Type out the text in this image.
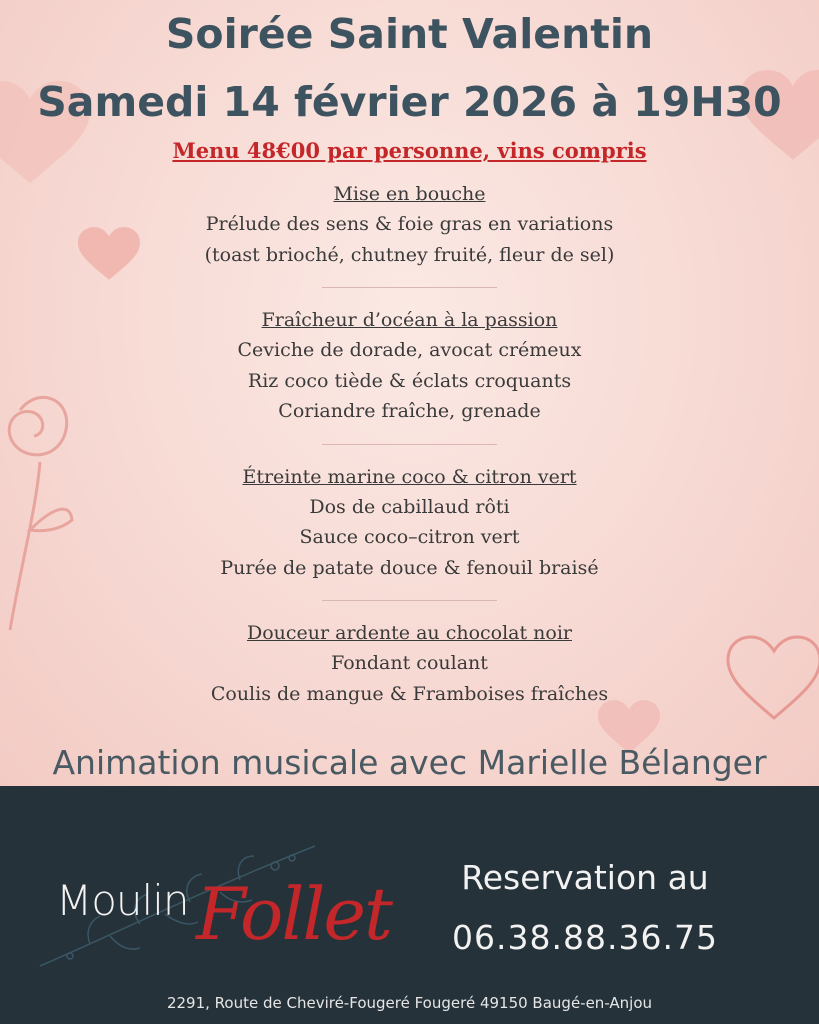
Soirée Saint Valentin
Samedi 14 février 2026 à 19H30
Menu 48€00 par personne, vins compris
Mise en bouche

Prélude des sens & foie gras en variations

(toast brioché, chutney fruité, fleur de sel)

Fraîcheur d’océan à la passion

Ceviche de dorade, avocat crémeux

Riz coco tiède & éclats croquants

Coriandre fraîche, grenade

Étreinte marine coco & citron vert

Dos de cabillaud rôti

Sauce coco–citron vert

Purée de patate douce & fenouil braisé

Douceur ardente au chocolat noir

Fondant coulant

Coulis de mangue & Framboises fraîches

Animation musicale avec Marielle Bélanger
Moulin Follet	Reservation au
06.38.88.36.75
2291, Route de Cheviré-Fougeré Fougeré 49150 Baugé-en-Anjou
